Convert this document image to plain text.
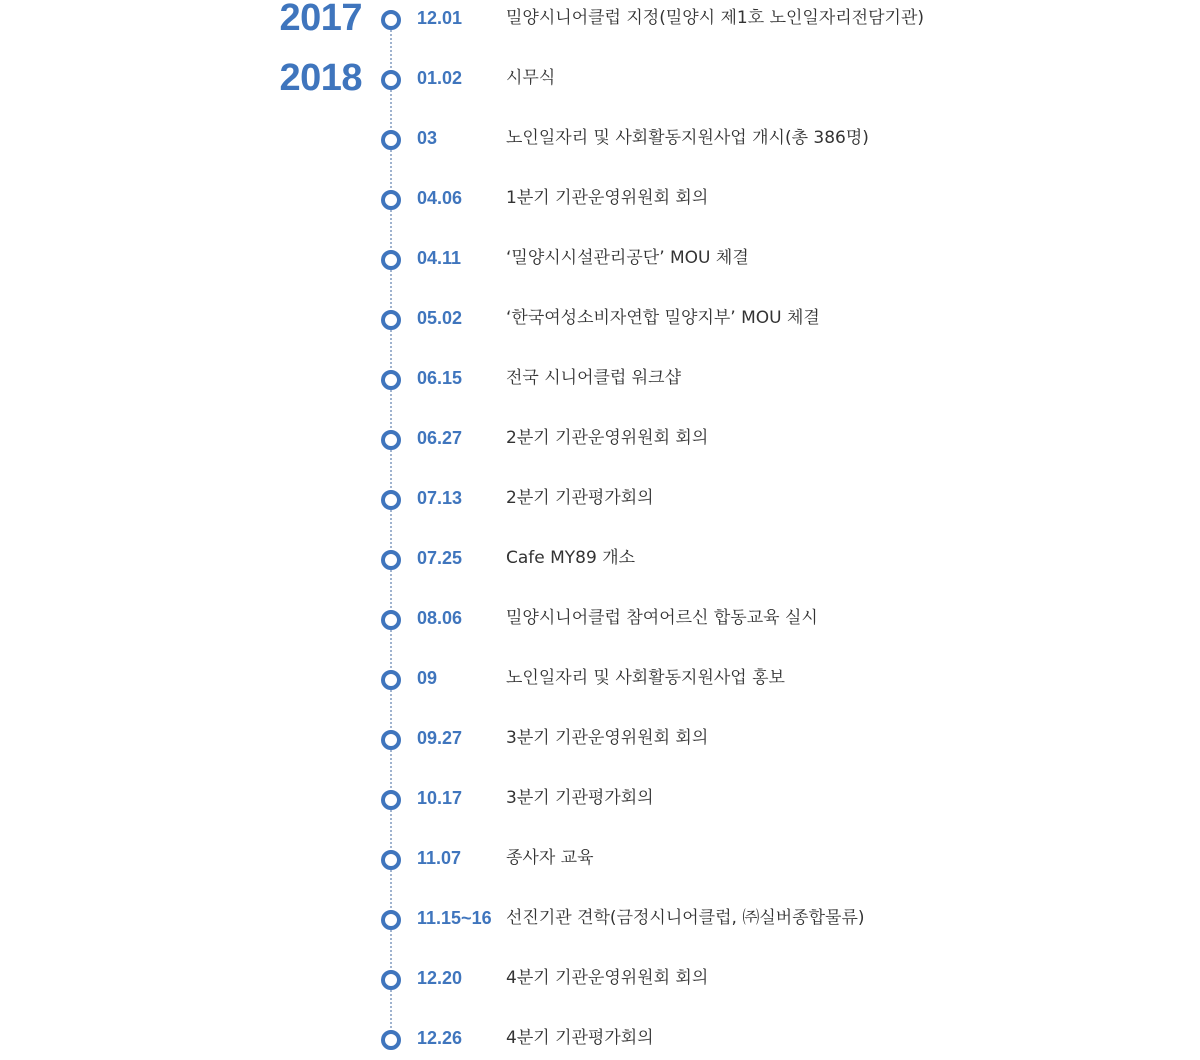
2017	12.01	밀양시니어클럽 지정(밀양시 제1호 노인일자리전담기관)
2018	01.02	시무식
03	노인일자리 및 사회활동지원사업 개시(총 386명)
04.06	1분기 기관운영위원회 회의
04.11	‘밀양시시설관리공단’ MOU 체결
05.02	‘한국여성소비자연합 밀양지부’ MOU 체결
06.15	전국 시니어클럽 워크샵
06.27	2분기 기관운영위원회 회의
07.13	2분기 기관평가회의
07.25	Cafe MY89 개소
08.06	밀양시니어클럽 참여어르신 합동교육 실시
09	노인일자리 및 사회활동지원사업 홍보
09.27	3분기 기관운영위원회 회의
10.17	3분기 기관평가회의
11.07	종사자 교육
11.15~16 선진기관 견학(금정시니어클럽, ㈜실버종합물류)
12.20	4분기 기관운영위원회 회의
12.26	4분기 기관평가회의
